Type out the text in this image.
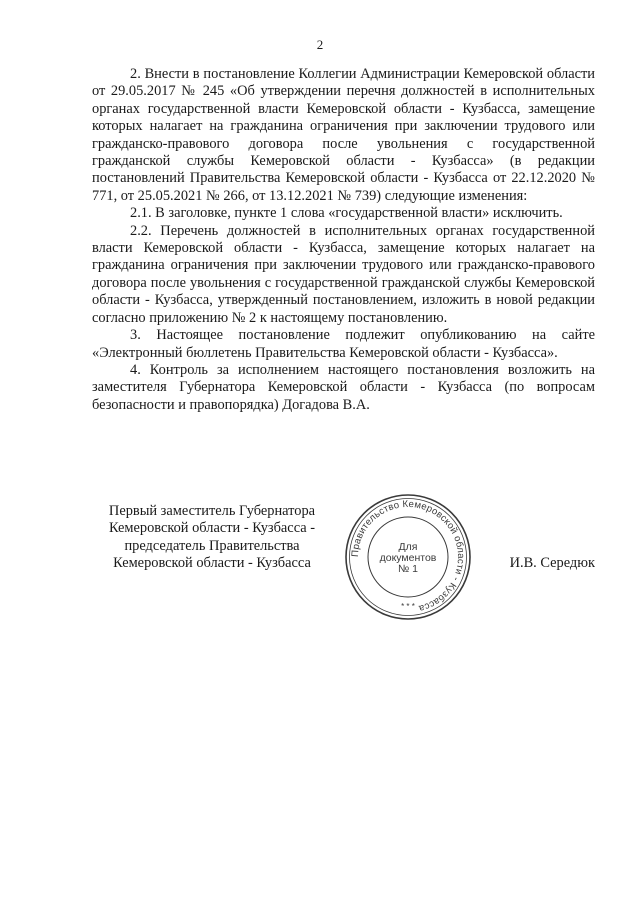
2

2. Внести в постановление Коллегии Администрации Кемеровской области от 29.05.2017 № 245 «Об утверждении перечня должностей в исполнительных органах государственной власти Кемеровской области - Кузбасса, замещение которых налагает на гражданина ограничения при заключении трудового или гражданско-правового договора после увольнения с государственной гражданской службы Кемеровской области - Кузбасса» (в редакции постановлений Правительства Кемеровской области - Кузбасса от 22.12.2020 № 771, от 25.05.2021 № 266, от 13.12.2021 № 739) следующие изменения:

2.1. В заголовке, пункте 1 слова «государственной власти» исключить.

2.2. Перечень должностей в исполнительных органах государственной власти Кемеровской области - Кузбасса, замещение которых налагает на гражданина ограничения при заключении трудового или гражданско-правового договора после увольнения с государственной гражданской службы Кемеровской области - Кузбасса, утвержденный постановлением, изложить в новой редакции согласно приложению № 2 к настоящему постановлению.

3. Настоящее постановление подлежит опубликованию на сайте «Электронный бюллетень Правительства Кемеровской области - Кузбасса».

4. Контроль за исполнением настоящего постановления возложить на заместителя Губернатора Кемеровской области - Кузбасса (по вопросам безопасности и правопорядка) Догадова В.А.

Первый заместитель Губернатора
Кемеровской области - Кузбасса -
председатель Правительства
Кемеровской области - Кузбасса
Правительство Кемеровской области - Кузбасса
* * *
Для
документов
№ 1	И.В. Середюк
